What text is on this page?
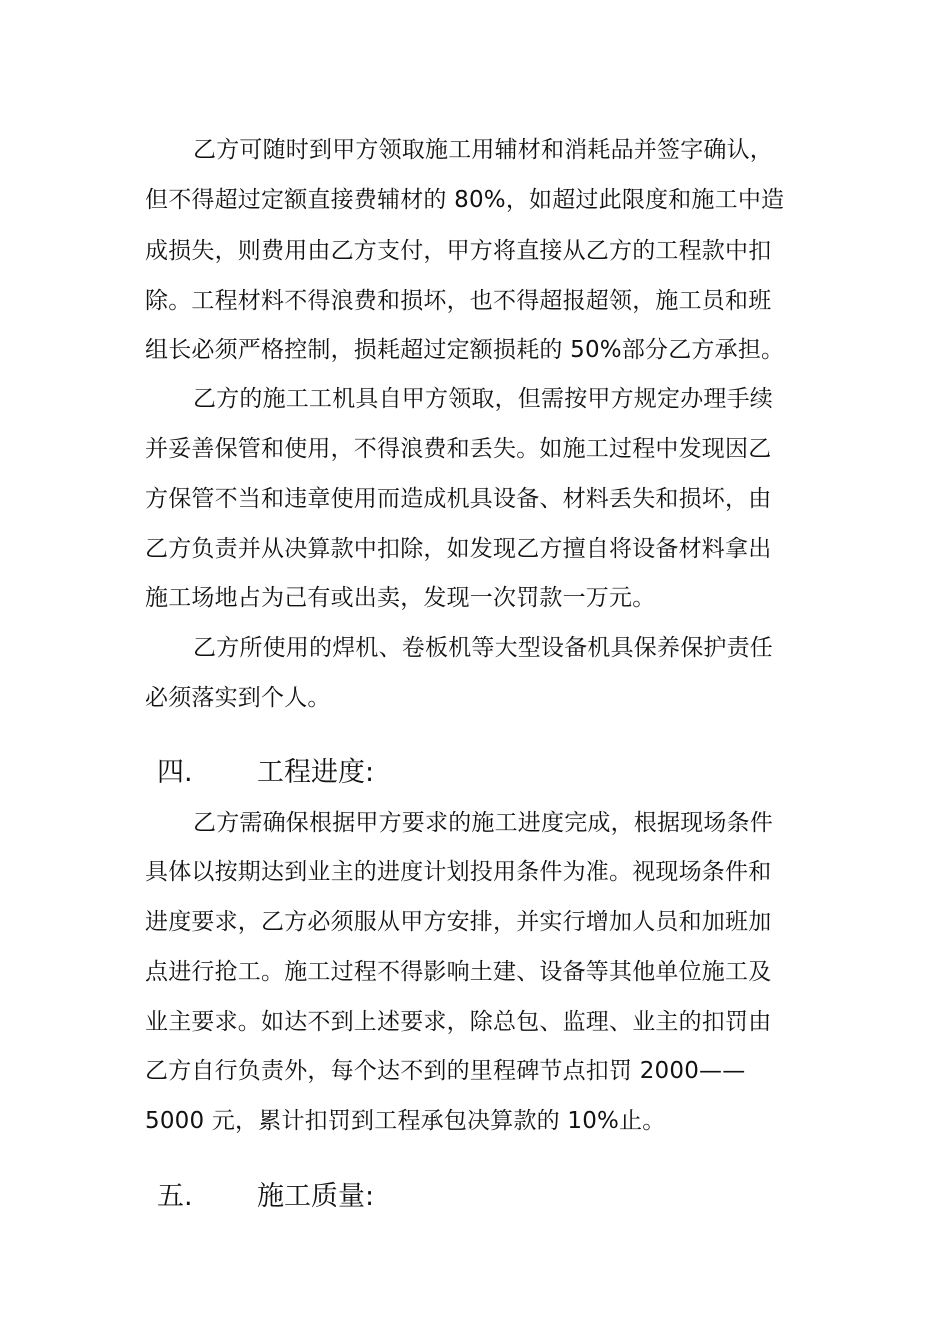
乙方可随时到甲方领取施工用辅材和消耗品并签字确认，
但不得超过定额直接费辅材的 80%，如超过此限度和施工中造
成损失，则费用由乙方支付，甲方将直接从乙方的工程款中扣
除。工程材料不得浪费和损坏，也不得超报超领，施工员和班
组长必须严格控制，损耗超过定额损耗的 50%部分乙方承担。
乙方的施工工机具自甲方领取，但需按甲方规定办理手续
并妥善保管和使用，不得浪费和丢失。如施工过程中发现因乙
方保管不当和违章使用而造成机具设备、材料丢失和损坏，由
乙方负责并从决算款中扣除，如发现乙方擅自将设备材料拿出
施工场地占为己有或出卖，发现一次罚款一万元。
乙方所使用的焊机、卷板机等大型设备机具保养保护责任
必须落实到个人。
四. 工程进度:
乙方需确保根据甲方要求的施工进度完成，根据现场条件
具体以按期达到业主的进度计划投用条件为准。视现场条件和
进度要求，乙方必须服从甲方安排，并实行增加人员和加班加
点进行抢工。施工过程不得影响土建、设备等其他单位施工及
业主要求。如达不到上述要求，除总包、监理、业主的扣罚由
乙方自行负责外，每个达不到的里程碑节点扣罚 2000——
5000 元，累计扣罚到工程承包决算款的 10%止。
五. 施工质量:
